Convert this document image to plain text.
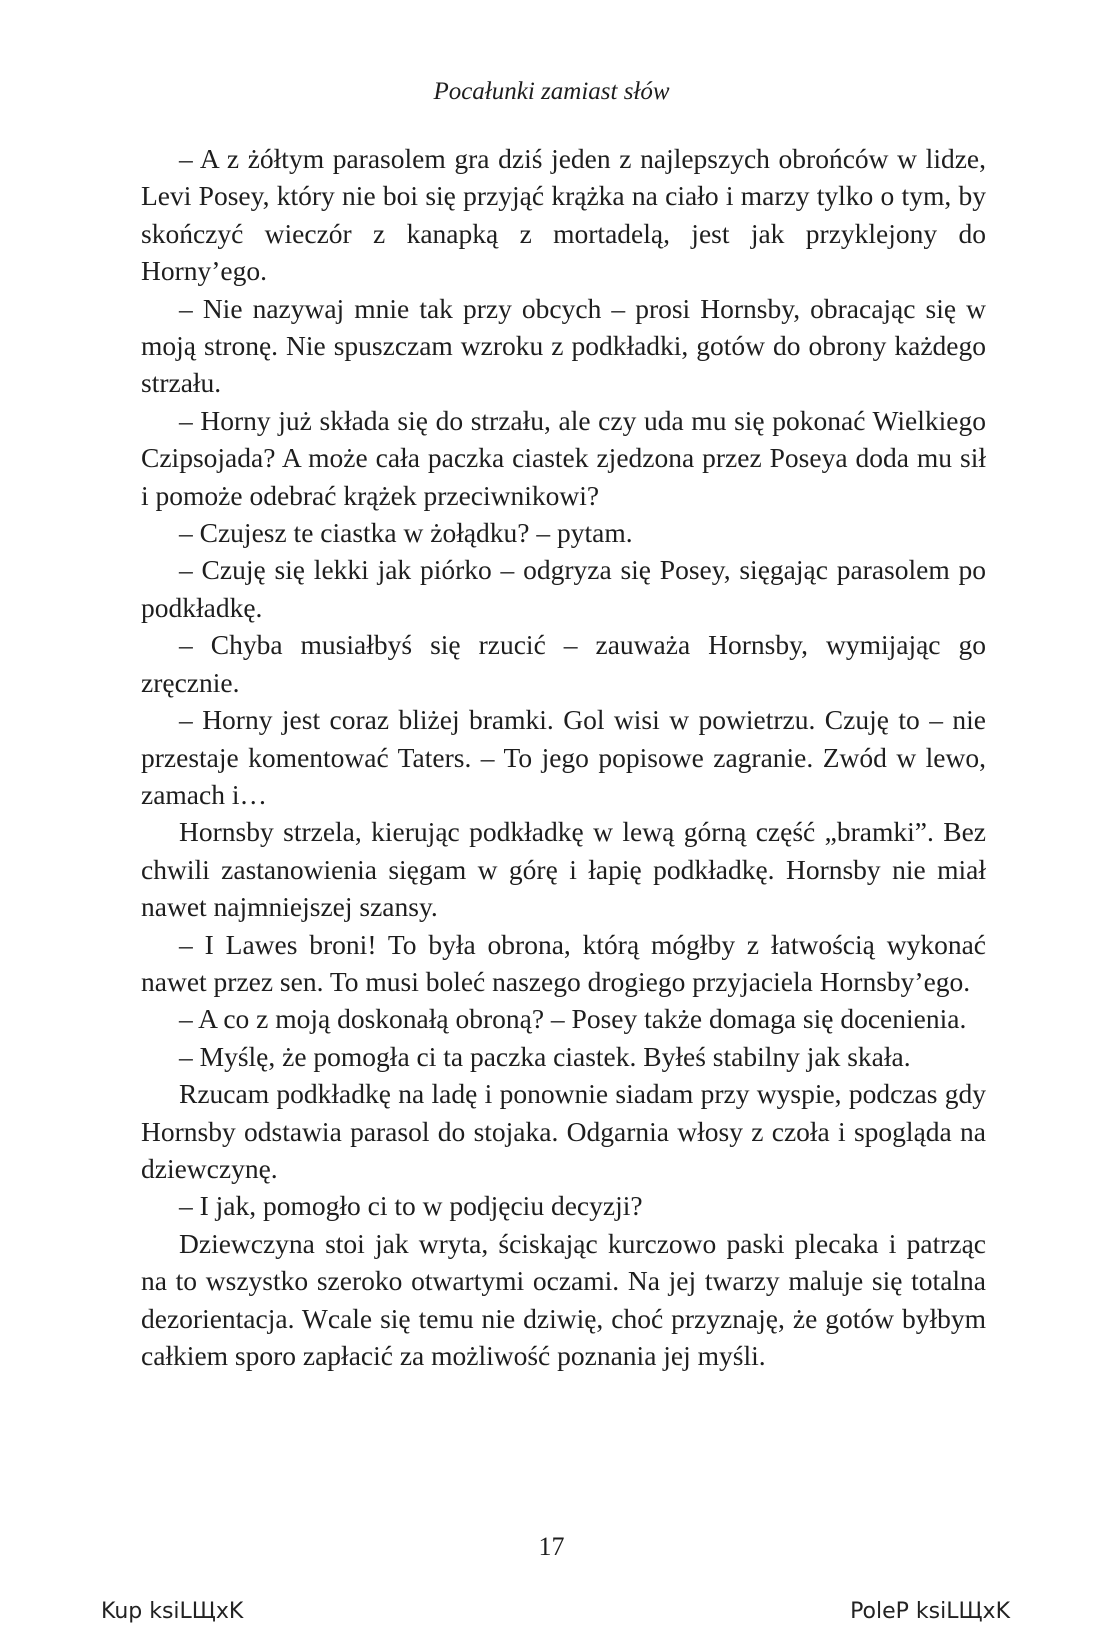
Pocałunki zamiast słów

– A z żółtym parasolem gra dziś jeden z najlepszych obrońców w lidze, Levi Posey, który nie boi się przyjąć krążka na ciało i marzy tylko o tym, by skończyć wieczór z kanapką z mortadelą, jest jak przyklejony do Horny’ego.

– Nie nazywaj mnie tak przy obcych – prosi Hornsby, obracając się w moją stronę. Nie spuszczam wzroku z podkładki, gotów do obrony każdego strzału.

– Horny już składa się do strzału, ale czy uda mu się pokonać Wielkiego Czipsojada? A może cała paczka ciastek zjedzona przez Poseya doda mu sił i pomoże odebrać krążek przeciwnikowi?

– Czujesz te ciastka w żołądku? – pytam.

– Czuję się lekki jak piórko – odgryza się Posey, sięgając parasolem po podkładkę.

– Chyba musiałbyś się rzucić – zauważa Hornsby, wymijając go zręcznie.

– Horny jest coraz bliżej bramki. Gol wisi w powietrzu. Czuję to – nie przestaje komentować Taters. – To jego popisowe zagranie. Zwód w lewo, zamach i…

Hornsby strzela, kierując podkładkę w lewą górną część „bramki”. Bez chwili zastanowienia sięgam w górę i łapię podkładkę. Hornsby nie miał nawet najmniejszej szansy.

– I Lawes broni! To była obrona, którą mógłby z łatwością wykonać nawet przez sen. To musi boleć naszego drogiego przyjaciela Hornsby’ego.

– A co z moją doskonałą obroną? – Posey także domaga się docenienia.

– Myślę, że pomogła ci ta paczka ciastek. Byłeś stabilny jak skała.

Rzucam podkładkę na ladę i ponownie siadam przy wyspie, podczas gdy Hornsby odstawia parasol do stojaka. Odgarnia włosy z czoła i spogląda na dziewczynę.

– I jak, pomogło ci to w podjęciu decyzji?

Dziewczyna stoi jak wryta, ściskając kurczowo paski plecaka i patrząc na to wszystko szeroko otwartymi oczami. Na jej twarzy maluje się totalna dezorientacja. Wcale się temu nie dziwię, choć przyznaję, że gotów byłbym całkiem sporo zapłacić za możliwość poznania jej myśli.

17
Kup ksiLЩxK	PoleP ksiLЩxK
